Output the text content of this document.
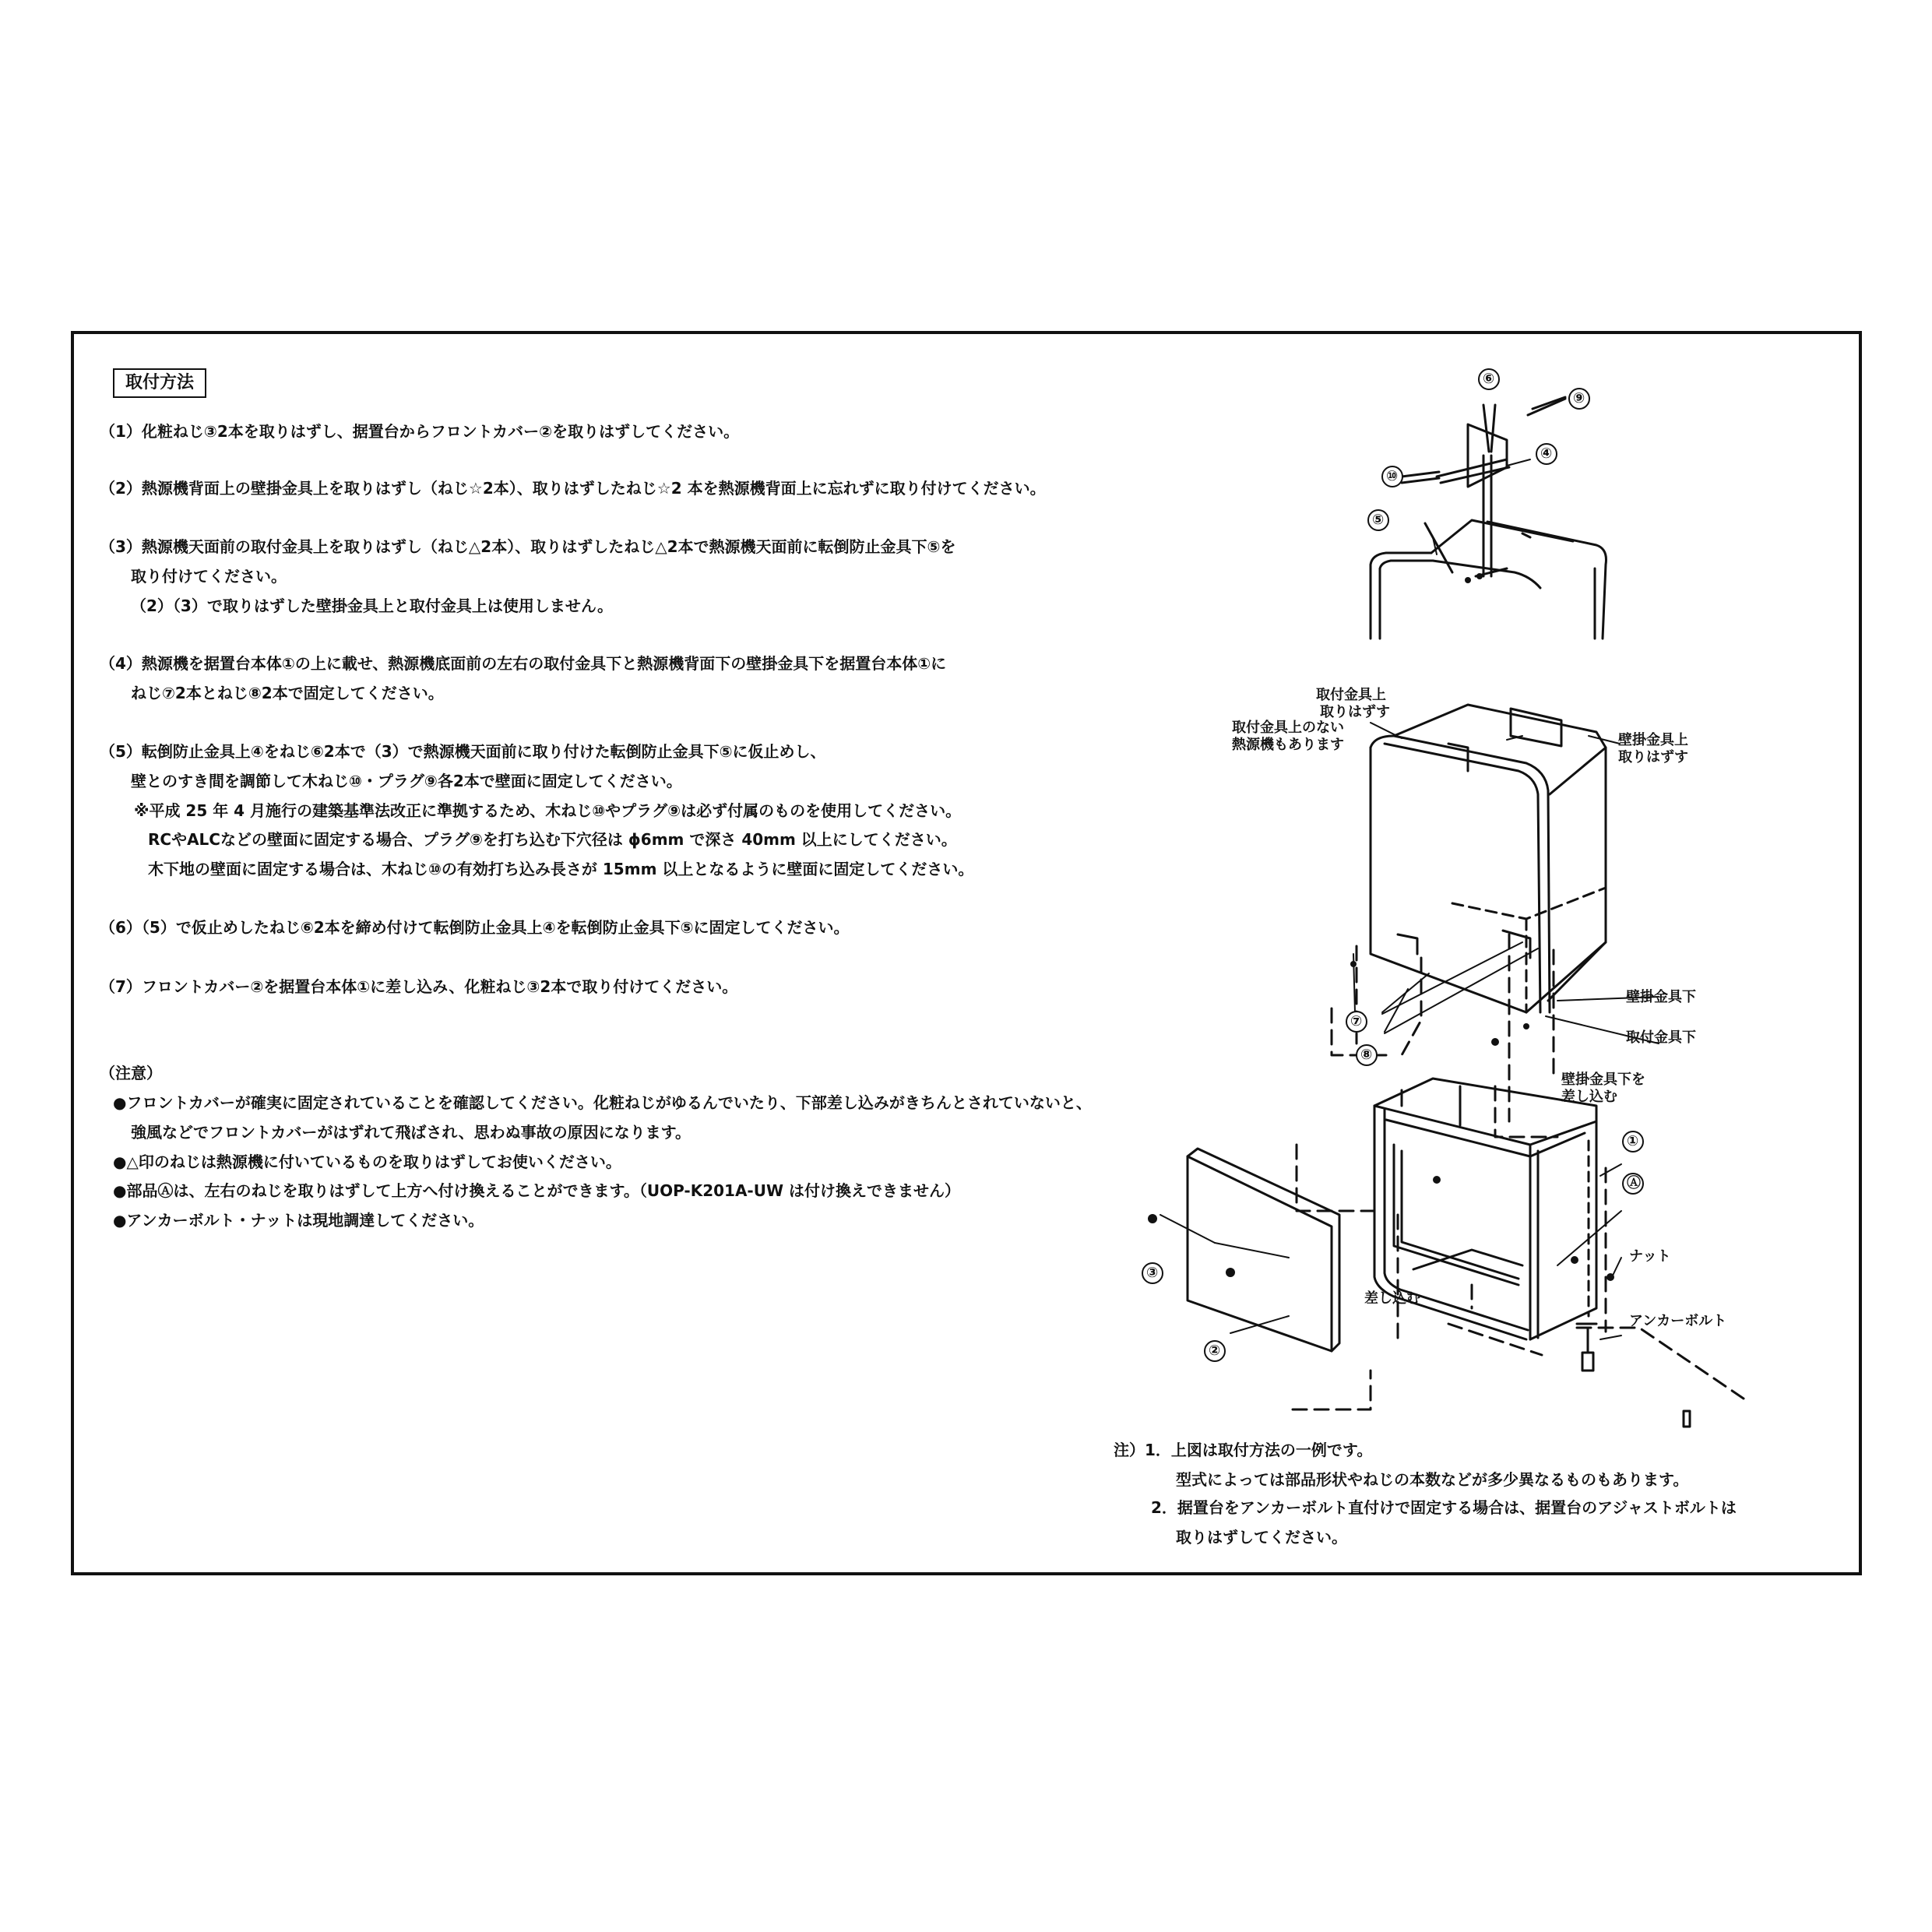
取付方法
（1）化粧ねじ③2本を取りはずし、据置台からフロントカバー②を取りはずしてください。
（2）熱源機背面上の壁掛金具上を取りはずし（ねじ☆2本）、取りはずしたねじ☆2 本を熱源機背面上に忘れずに取り付けてください。
（3）熱源機天面前の取付金具上を取りはずし（ねじ△2本）、取りはずしたねじ△2本で熱源機天面前に転倒防止金具下⑤を
取り付けてください。
（2）（3）で取りはずした壁掛金具上と取付金具上は使用しません。
（4）熱源機を据置台本体①の上に載せ、熱源機底面前の左右の取付金具下と熱源機背面下の壁掛金具下を据置台本体①に
ねじ⑦2本とねじ⑧2本で固定してください。
（5）転倒防止金具上④をねじ⑥2本で（3）で熱源機天面前に取り付けた転倒防止金具下⑤に仮止めし、
壁とのすき間を調節して木ねじ⑩・プラグ⑨各2本で壁面に固定してください。
※平成 25 年 4 月施行の建築基準法改正に準拠するため、木ねじ⑩やプラグ⑨は必ず付属のものを使用してください。
RCやALCなどの壁面に固定する場合、プラグ⑨を打ち込む下穴径は ϕ6mm で深さ 40mm 以上にしてください。
木下地の壁面に固定する場合は、木ねじ⑩の有効打ち込み長さが 15mm 以上となるように壁面に固定してください。
（6）（5）で仮止めしたねじ⑥2本を締め付けて転倒防止金具上④を転倒防止金具下⑤に固定してください。
（7）フロントカバー②を据置台本体①に差し込み、化粧ねじ③2本で取り付けてください。
（注意）
●フロントカバーが確実に固定されていることを確認してください。化粧ねじがゆるんでいたり、下部差し込みがきちんとされていないと、
強風などでフロントカバーがはずれて飛ばされ、思わぬ事故の原因になります。
●△印のねじは熱源機に付いているものを取りはずしてお使いください。
●部品Ⓐは、左右のねじを取りはずして上方へ付け換えることができます。（UOP-K201A-UW は付け換えできません）
●アンカーボルト・ナットは現地調達してください。
注）1．上図は取付方法の一例です。
型式によっては部品形状やねじの本数などが多少異なるものもあります。
2．据置台をアンカーボルト直付けで固定する場合は、据置台のアジャストボルトは
取りはずしてください。
⑥
⑨
④
⑩
⑤
⑦
⑧
①
Ⓐ
③
②
取付金具上
取りはずす
取付金具上のない
熱源機もあります	壁掛金具上
取りはずす
壁掛金具下
取付金具下
壁掛金具下を
差し込む
ナット
アンカーボルト
差し込む
